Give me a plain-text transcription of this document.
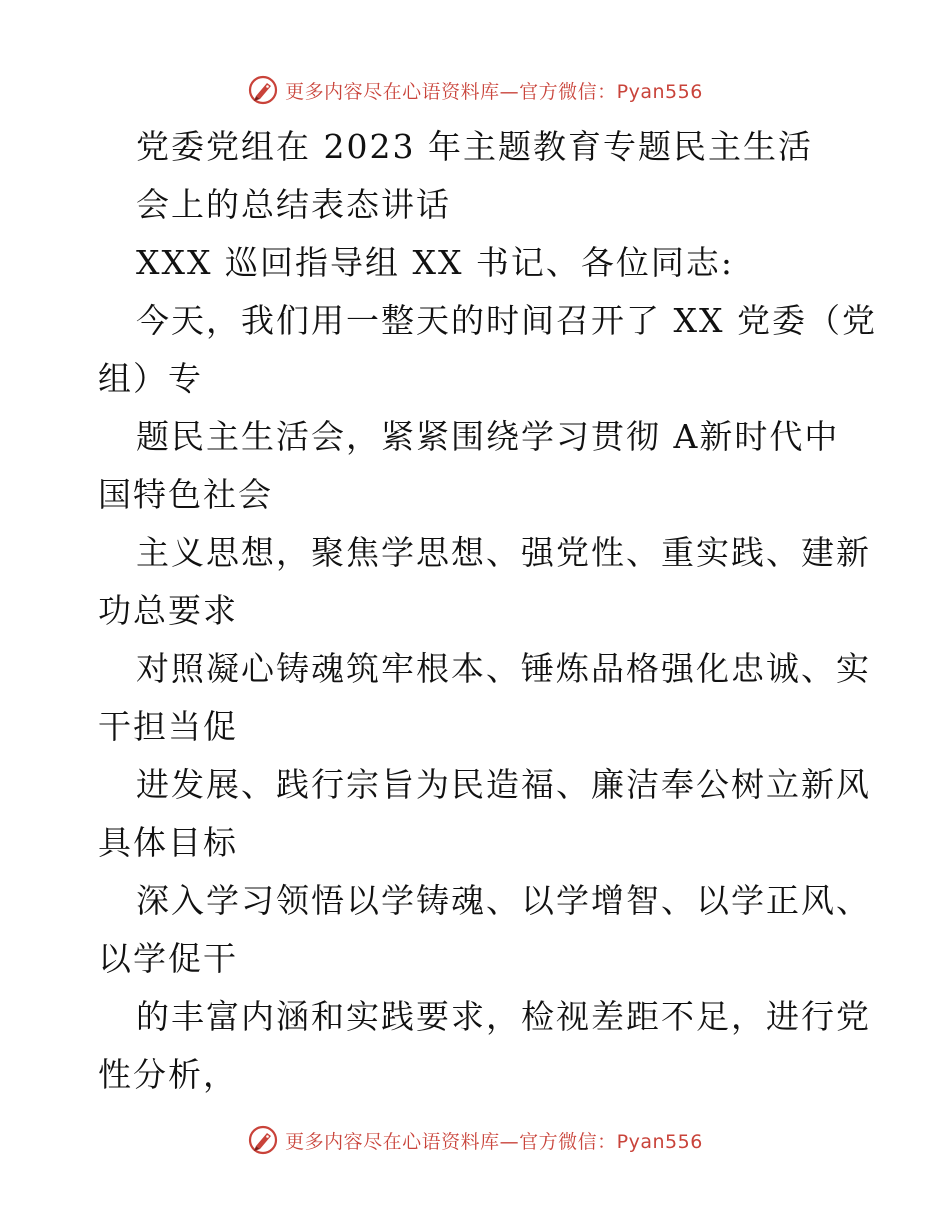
更多内容尽在心语资料库—官方微信：Pyan556
党委党组在 2023 年主题教育专题民主生活
会上的总结表态讲话
XXX 巡回指导组 XX 书记、各位同志:
今天，我们用一整天的时间召开了 XX 党委（党
组）专
题民主生活会，紧紧围绕学习贯彻 A新时代中
国特色社会
主义思想，聚焦学思想、强党性、重实践、建新
功总要求
对照凝心铸魂筑牢根本、锤炼品格强化忠诚、实
干担当促
进发展、践行宗旨为民造福、廉洁奉公树立新风
具体目标
深入学习领悟以学铸魂、以学增智、以学正风、
以学促干
的丰富内涵和实践要求，检视差距不足，进行党
性分析，
更多内容尽在心语资料库—官方微信：Pyan556
